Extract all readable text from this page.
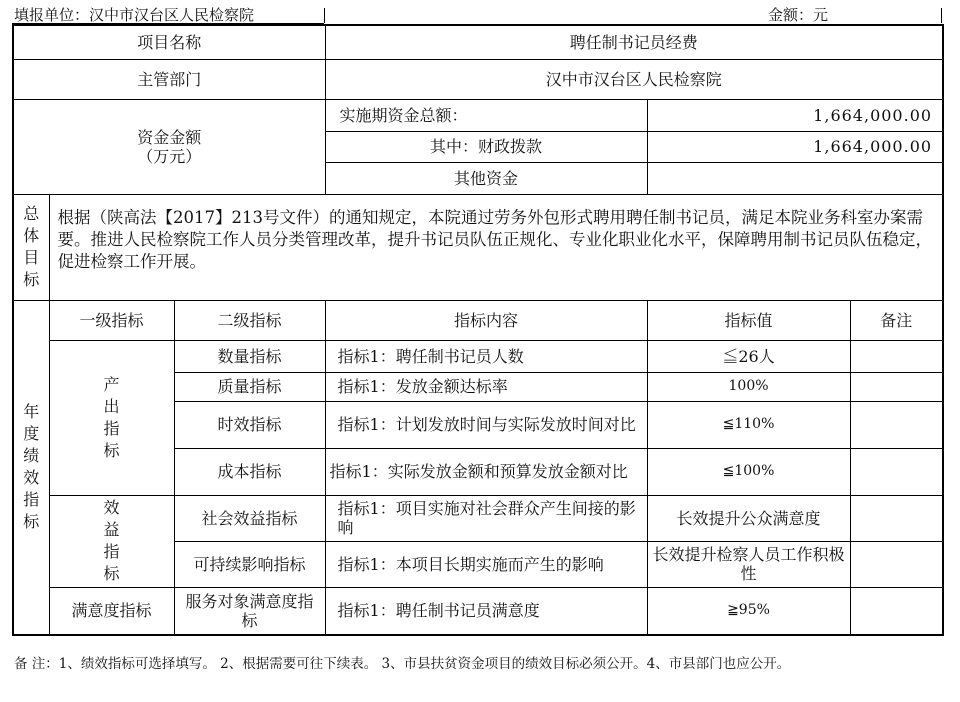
填报单位：汉中市汉台区人民检察院	金额：元
项目名称			聘任制书记员经费		
主管部门			汉中市汉台区人民检察院		

资金金额
（万元）			实施期资金总额：	1,664,000.00	
			其中：财政拨款	1,664,000.00	
			其他资金		
总体目标	根据（陕高法【2017】213号文件）的通知规定，本院通过劳务外包形式聘用聘任制书记员，满足本院业务科室办案需要。推进人民检察院工作人员分类管理改革，提升书记员队伍正规化、专业化职业化水平，保障聘用制书记员队伍稳定，促进检察工作开展。				
年度绩效指标	一级指标	二级指标	指标内容	指标值	备注
	产出指标	数量指标	指标1：聘任制书记员人数	≦26人	
		质量指标	指标1：发放金额达标率	100%	
		时效指标	指标1：计划发放时间与实际发放时间对比	≦110%	
		成本指标	指标1：实际发放金额和预算发放金额对比	≦100%	
	效益指标	社会效益指标	指标1：项目实施对社会群众产生间接的影响	长效提升公众满意度	
		可持续影响指标	指标1：本项目长期实施而产生的影响	长效提升检察人员工作积极性	
	满意度指标	服务对象满意度指标	指标1：聘任制书记员满意度	≧95%	
备 注：1、绩效指标可选择填写。 2、根据需要可往下续表。 3、市县扶贫资金项目的绩效目标必须公开。4、市县部门也应公开。
